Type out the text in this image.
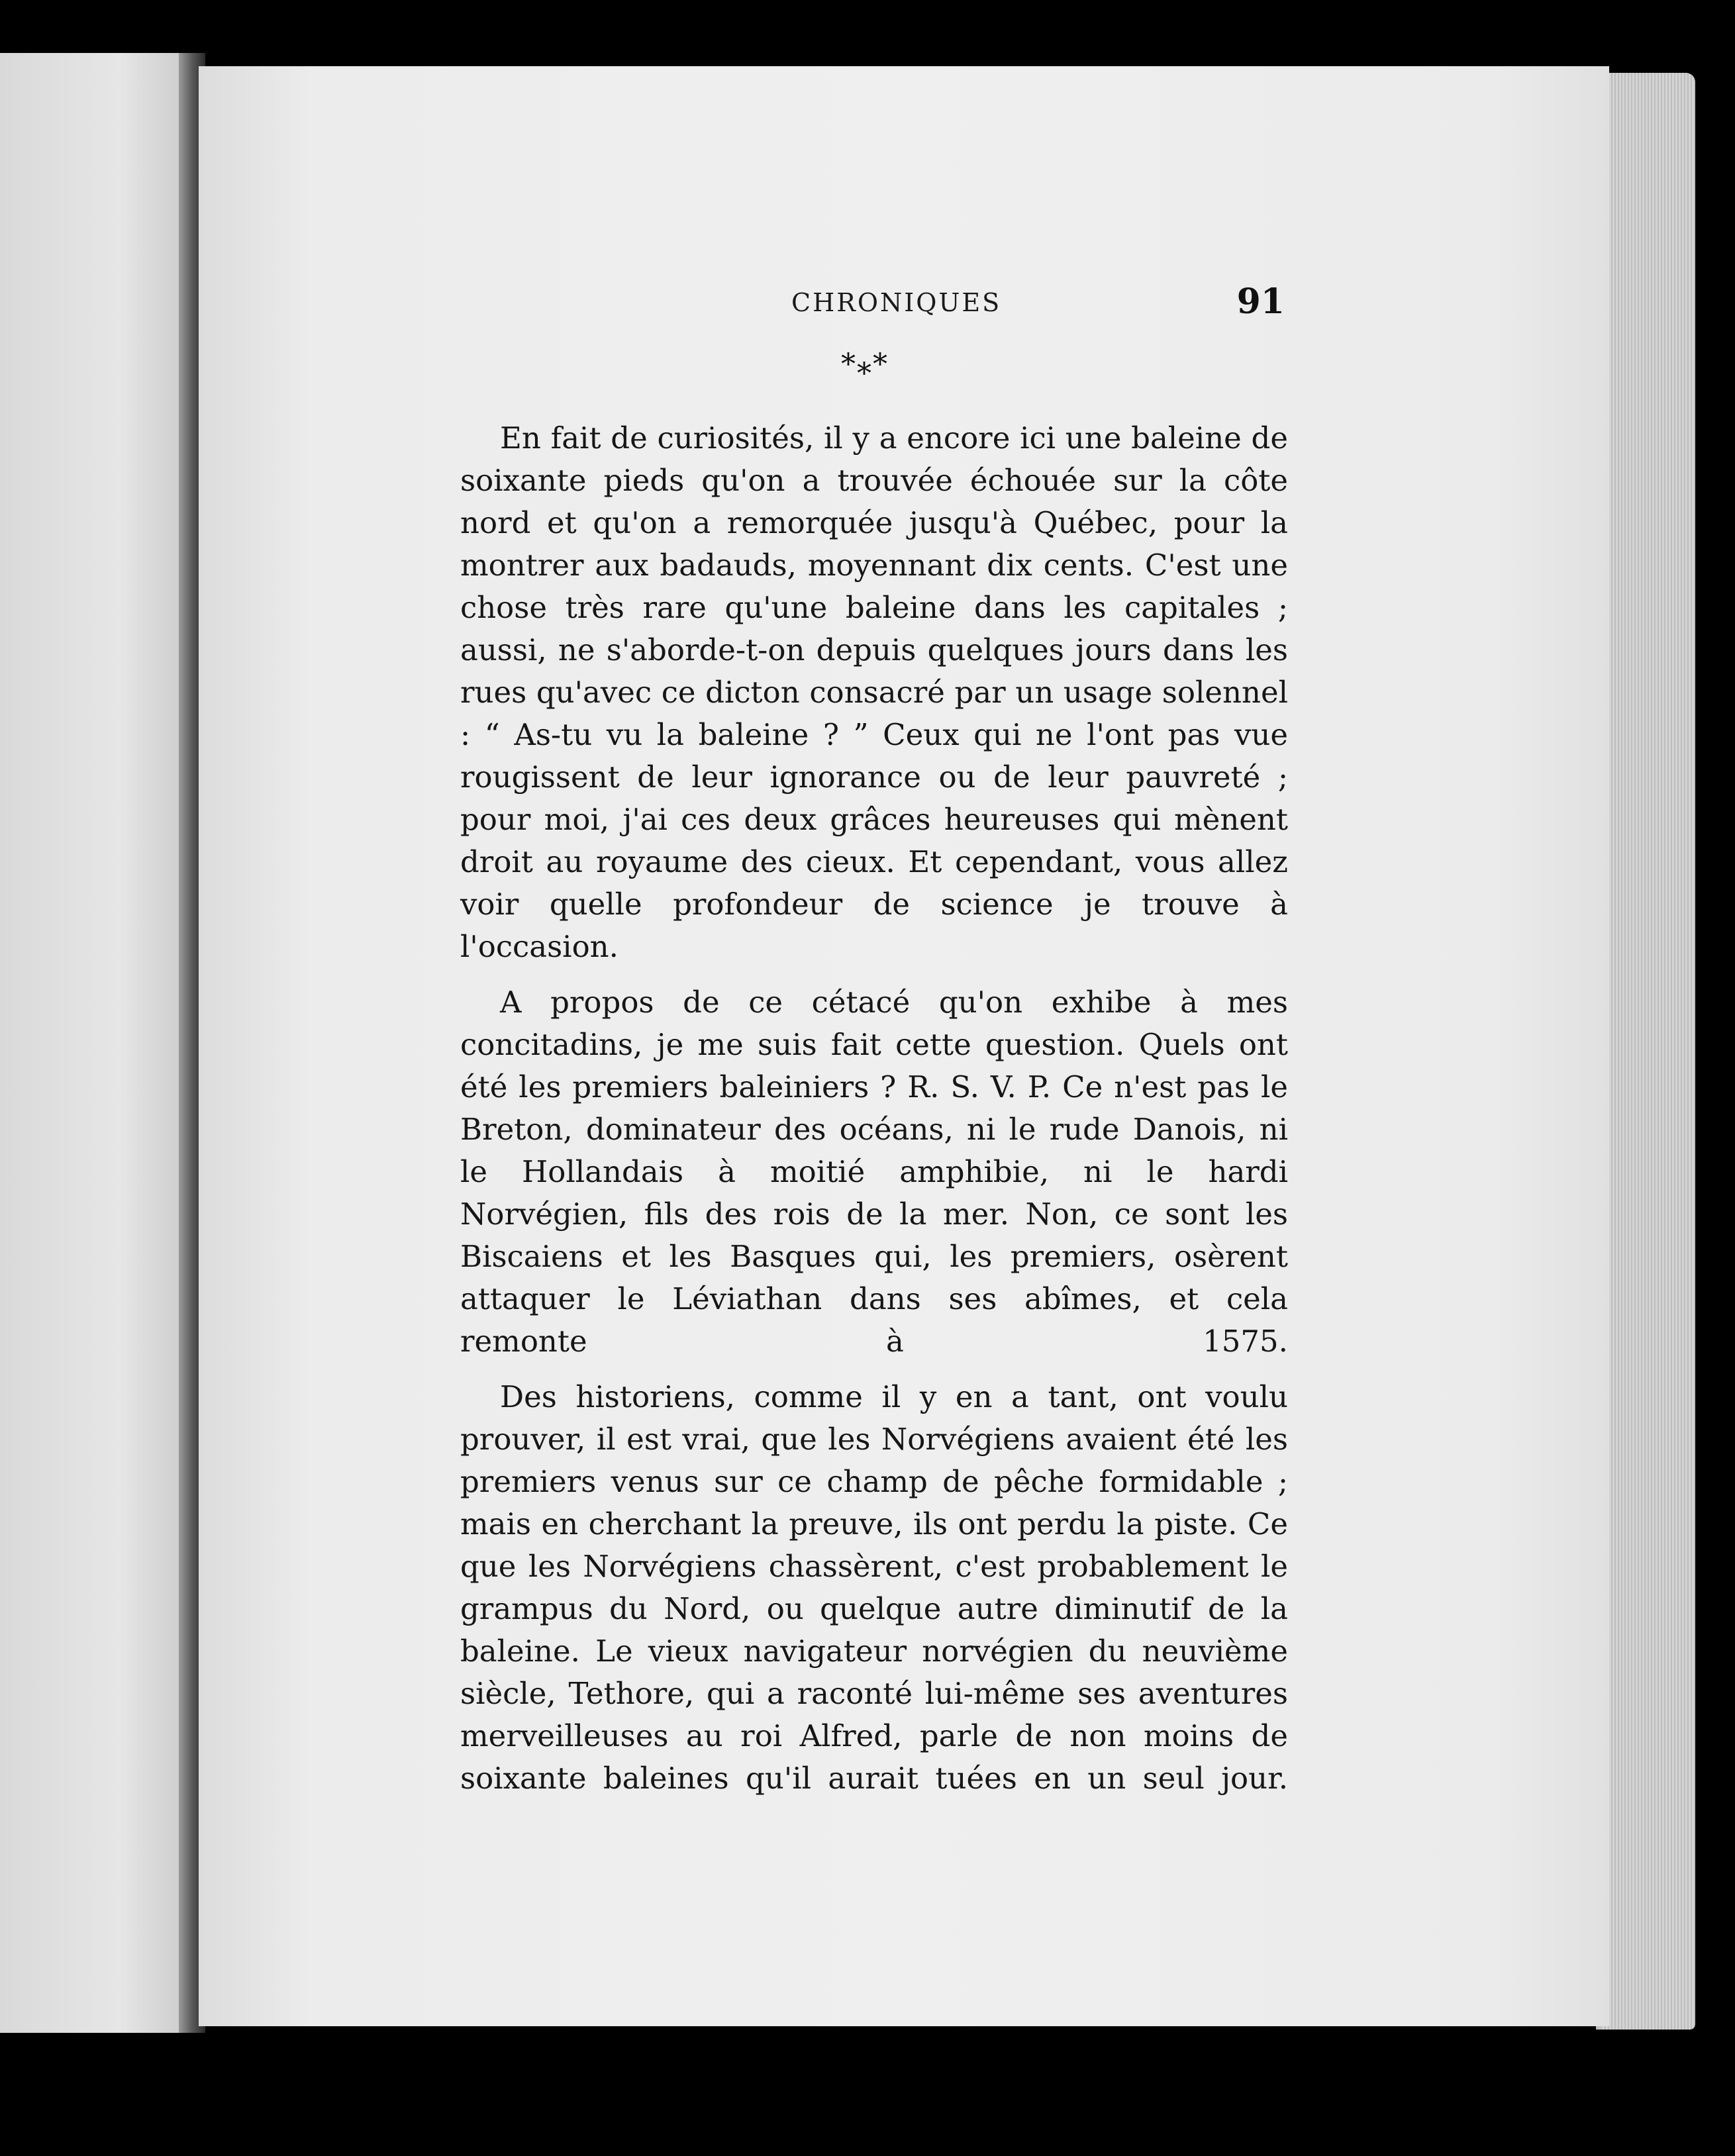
CHRONIQUES	91
*⁎*

En fait de curiosités, il y a encore ici une baleine de soixante pieds qu'on a trouvée échouée sur la côte nord et qu'on a remorquée jusqu'à Québec, pour la montrer aux badauds, moyennant dix cents. C'est une chose très rare qu'une baleine dans les capitales ; aussi, ne s'aborde-t-on depuis quelques jours dans les rues qu'avec ce dicton consacré par un usage solennel : “ As-tu vu la baleine ? ” Ceux qui ne l'ont pas vue rougissent de leur ignorance ou de leur pauvreté ; pour moi, j'ai ces deux grâces heureuses qui mènent droit au royaume des cieux. Et cependant, vous allez voir quelle profondeur de science je trouve à l'occasion.

A propos de ce cétacé qu'on exhibe à mes concitadins, je me suis fait cette question. Quels ont été les premiers baleiniers ? R. S. V. P. Ce n'est pas le Breton, dominateur des océans, ni le rude Danois, ni le Hollandais à moitié amphibie, ni le hardi Norvégien, fils des rois de la mer. Non, ce sont les Biscaiens et les Basques qui, les premiers, osèrent attaquer le Léviathan dans ses abîmes, et cela remonte à 1575.

Des historiens, comme il y en a tant, ont voulu prouver, il est vrai, que les Norvégiens avaient été les premiers venus sur ce champ de pêche formidable ; mais en cherchant la preuve, ils ont perdu la piste. Ce que les Norvégiens chassèrent, c'est probablement le grampus du Nord, ou quelque autre diminutif de la baleine. Le vieux navigateur norvégien du neuvième siècle, Tethore, qui a raconté lui-même ses aventures merveilleuses au roi Alfred, parle de non moins de soixante baleines qu'il aurait tuées en un seul jour.
